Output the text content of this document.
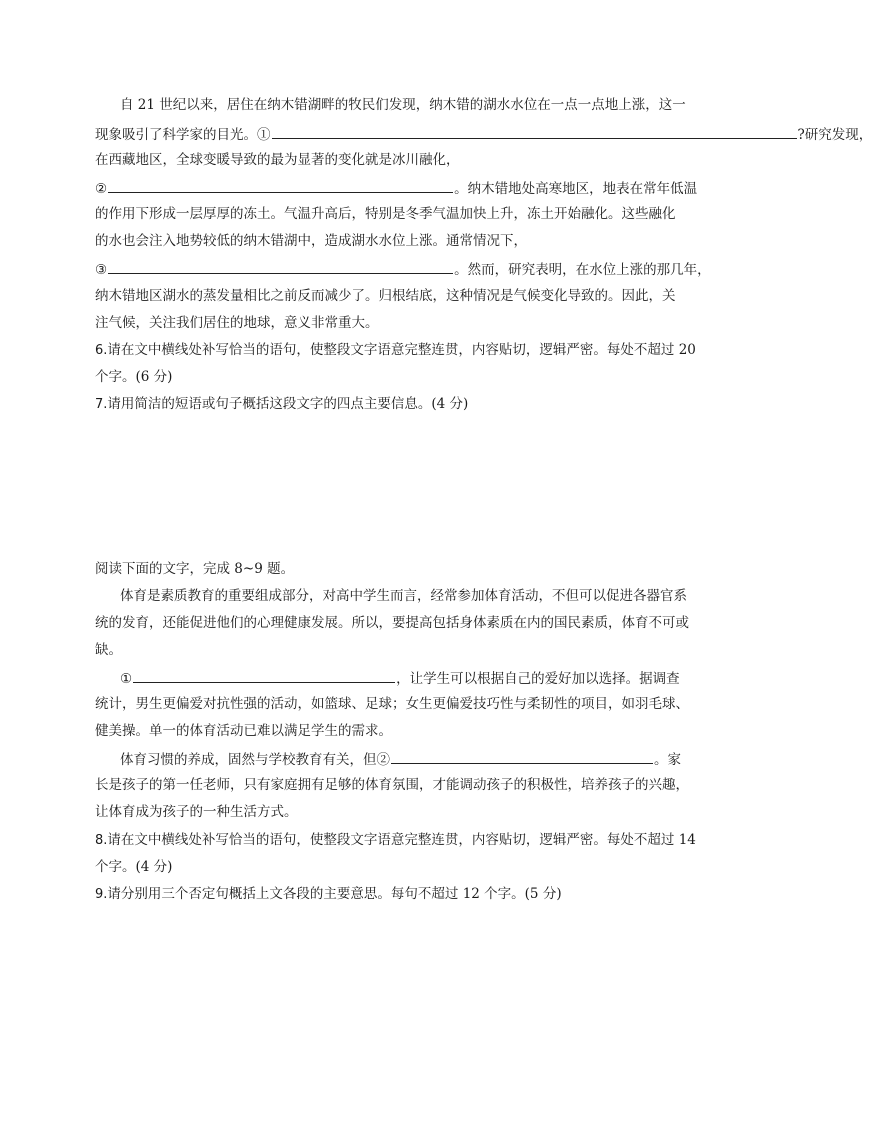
自 21 世纪以来，居住在纳木错湖畔的牧民们发现，纳木错的湖水水位在一点一点地上涨，这一
现象吸引了科学家的目光。①	?研究发现，
在西藏地区，全球变暖导致的最为显著的变化就是冰川融化，
②	。纳木错地处高寒地区，地表在常年低温
的作用下形成一层厚厚的冻土。气温升高后，特别是冬季气温加快上升，冻土开始融化。这些融化
的水也会注入地势较低的纳木错湖中，造成湖水水位上涨。通常情况下，
③	。然而，研究表明，在水位上涨的那几年，
纳木错地区湖水的蒸发量相比之前反而减少了。归根结底，这种情况是气候变化导致的。因此，关
注气候，关注我们居住的地球，意义非常重大。
6.请在文中横线处补写恰当的语句，使整段文字语意完整连贯，内容贴切，逻辑严密。每处不超过 20
个字。(6 分)
7.请用简洁的短语或句子概括这段文字的四点主要信息。(4 分)
阅读下面的文字，完成 8~9 题。
体育是素质教育的重要组成部分，对高中学生而言，经常参加体育活动，不但可以促进各器官系
统的发育，还能促进他们的心理健康发展。所以，要提高包括身体素质在内的国民素质，体育不可或
缺。
①	，让学生可以根据自己的爱好加以选择。据调查
统计，男生更偏爱对抗性强的活动，如篮球、足球；女生更偏爱技巧性与柔韧性的项目，如羽毛球、
健美操。单一的体育活动已难以满足学生的需求。
体育习惯的养成，固然与学校教育有关，但②	。家
长是孩子的第一任老师，只有家庭拥有足够的体育氛围，才能调动孩子的积极性，培养孩子的兴趣，
让体育成为孩子的一种生活方式。
8.请在文中横线处补写恰当的语句，使整段文字语意完整连贯，内容贴切，逻辑严密。每处不超过 14
个字。(4 分)
9.请分别用三个否定句概括上文各段的主要意思。每句不超过 12 个字。(5 分)
